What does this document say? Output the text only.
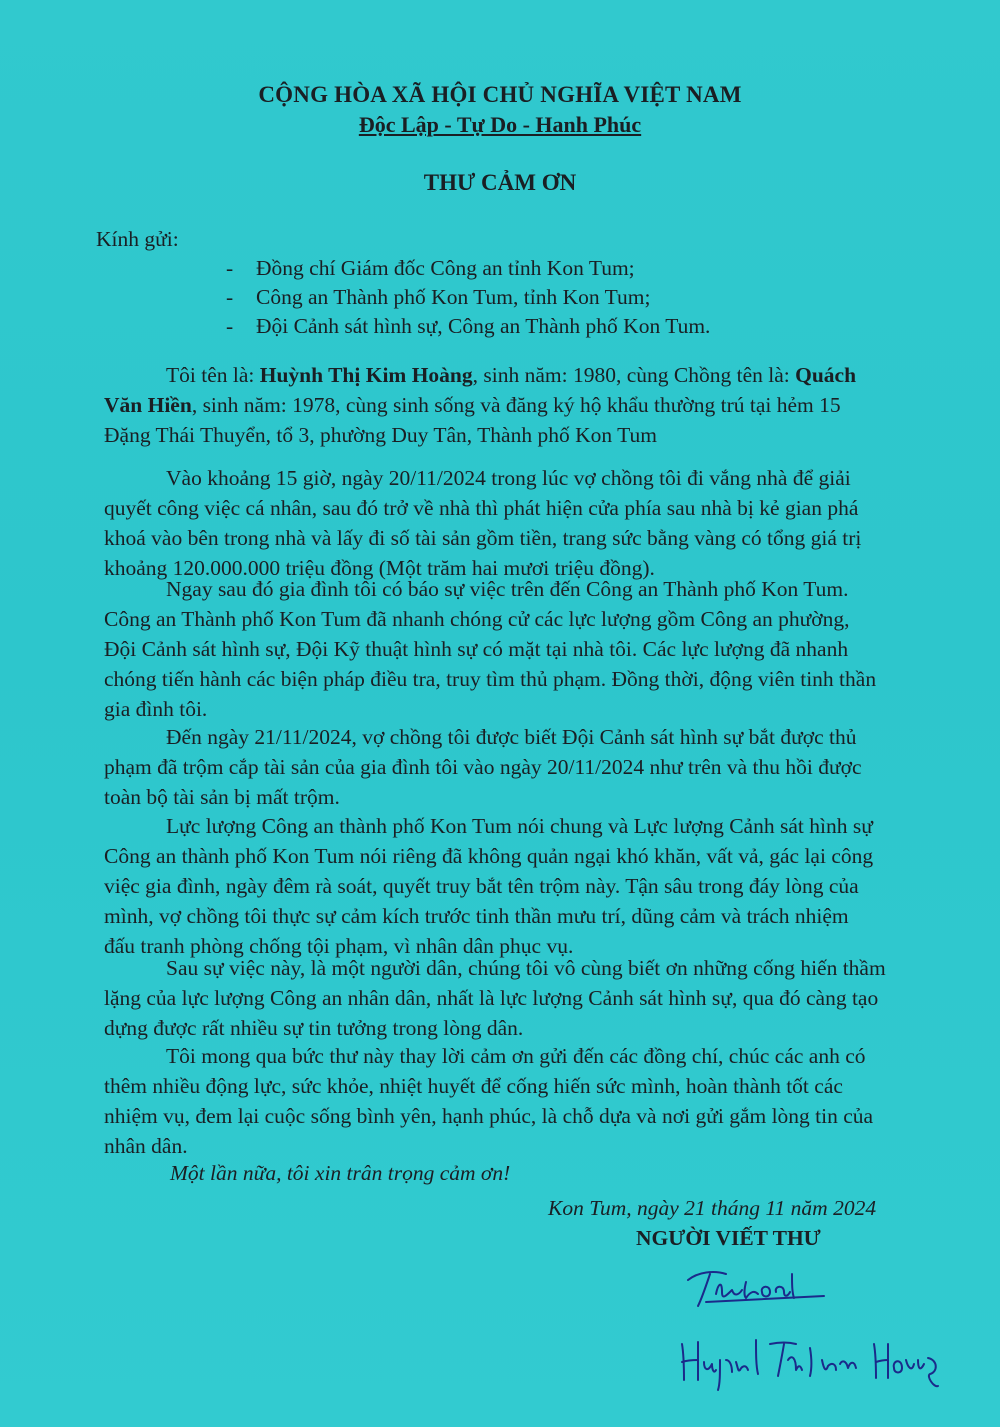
CỘNG HÒA XÃ HỘI CHỦ NGHĨA VIỆT NAM
Độc Lập - Tự Do - Hanh Phúc
THƯ CẢM ƠN
Kính gửi:
- Đồng chí Giám đốc Công an tỉnh Kon Tum;
- Công an Thành phố Kon Tum, tỉnh Kon Tum;
- Đội Cảnh sát hình sự, Công an Thành phố Kon Tum.
Tôi tên là: Huỳnh Thị Kim Hoàng, sinh năm: 1980, cùng Chồng tên là: Quách
Văn Hiền, sinh năm: 1978, cùng sinh sống và đăng ký hộ khẩu thường trú tại hẻm 15
Đặng Thái Thuyển, tổ 3, phường Duy Tân, Thành phố Kon Tum
Vào khoảng 15 giờ, ngày 20/11/2024 trong lúc vợ chồng tôi đi vắng nhà để giải
quyết công việc cá nhân, sau đó trở về nhà thì phát hiện cửa phía sau nhà bị kẻ gian phá
khoá vào bên trong nhà và lấy đi số tài sản gồm tiền, trang sức bằng vàng có tổng giá trị
khoảng 120.000.000 triệu đồng (Một trăm hai mươi triệu đồng).
Ngay sau đó gia đình tôi có báo sự việc trên đến Công an Thành phố Kon Tum.
Công an Thành phố Kon Tum đã nhanh chóng cử các lực lượng gồm Công an phường,
Đội Cảnh sát hình sự, Đội Kỹ thuật hình sự có mặt tại nhà tôi. Các lực lượng đã nhanh
chóng tiến hành các biện pháp điều tra, truy tìm thủ phạm. Đồng thời, động viên tinh thần
gia đình tôi.
Đến ngày 21/11/2024, vợ chồng tôi được biết Đội Cảnh sát hình sự bắt được thủ
phạm đã trộm cắp tài sản của gia đình tôi vào ngày 20/11/2024 như trên và thu hồi được
toàn bộ tài sản bị mất trộm.
Lực lượng Công an thành phố Kon Tum nói chung và Lực lượng Cảnh sát hình sự
Công an thành phố Kon Tum nói riêng đã không quản ngại khó khăn, vất vả, gác lại công
việc gia đình, ngày đêm rà soát, quyết truy bắt tên trộm này. Tận sâu trong đáy lòng của
mình, vợ chồng tôi thực sự cảm kích trước tinh thần mưu trí, dũng cảm và trách nhiệm
đấu tranh phòng chống tội phạm, vì nhân dân phục vụ.
Sau sự việc này, là một người dân, chúng tôi vô cùng biết ơn những cống hiến thầm
lặng của lực lượng Công an nhân dân, nhất là lực lượng Cảnh sát hình sự, qua đó càng tạo
dựng được rất nhiều sự tin tưởng trong lòng dân.
Tôi mong qua bức thư này thay lời cảm ơn gửi đến các đồng chí, chúc các anh có
thêm nhiều động lực, sức khỏe, nhiệt huyết để cống hiến sức mình, hoàn thành tốt các
nhiệm vụ, đem lại cuộc sống bình yên, hạnh phúc, là chỗ dựa và nơi gửi gắm lòng tin của
nhân dân.
Một lần nữa, tôi xin trân trọng cảm ơn!
Kon Tum, ngày 21 tháng 11 năm 2024
NGƯỜI VIẾT THƯ
